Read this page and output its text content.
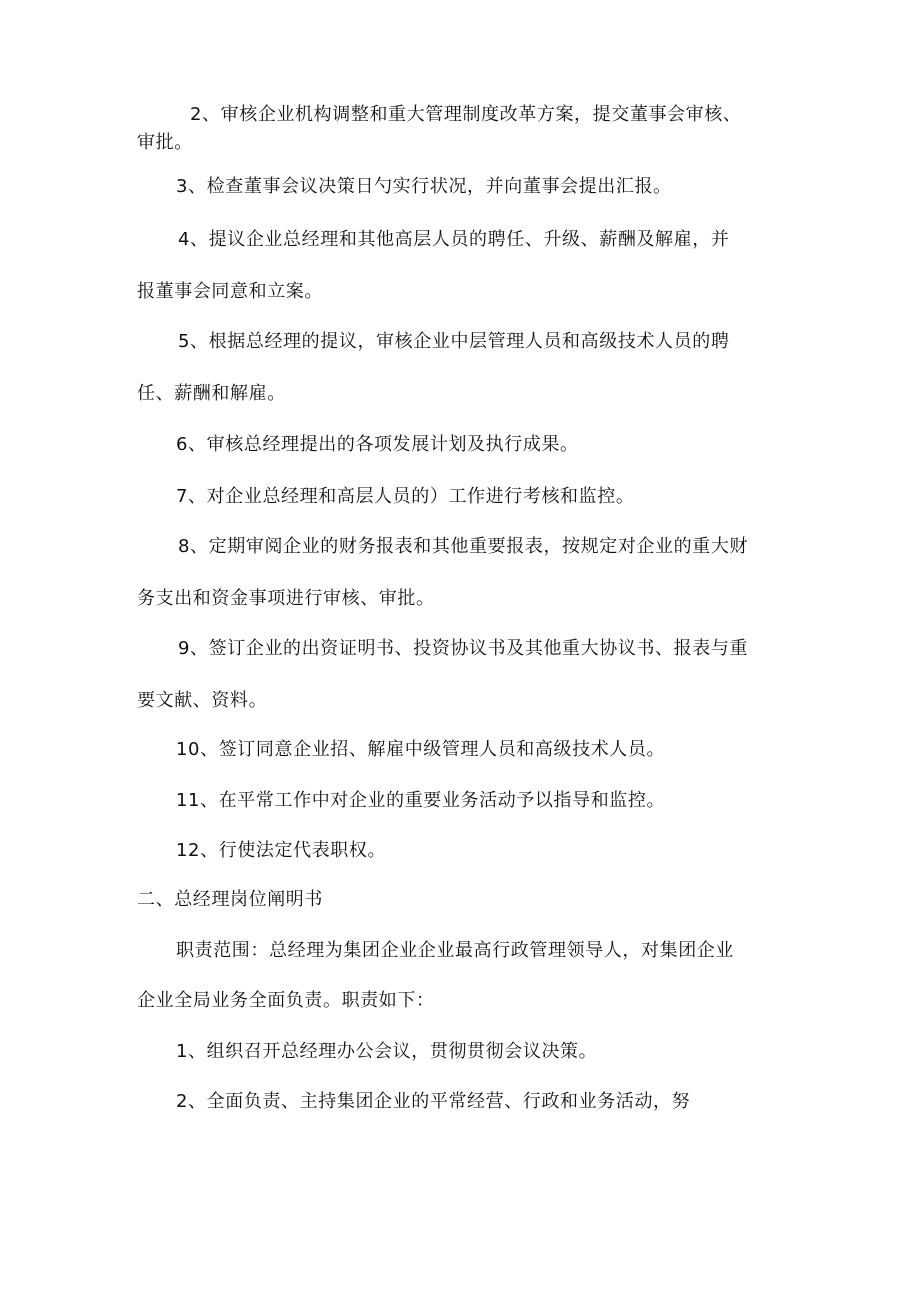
2、审核企业机构调整和重大管理制度改革方案，提交董事会审核、

审批。

3、检查董事会议决策日勺实行状况，并向董事会提出汇报。

4、提议企业总经理和其他高层人员的聘任、升级、薪酬及解雇，并

报董事会同意和立案。

5、根据总经理的提议，审核企业中层管理人员和高级技术人员的聘

任、薪酬和解雇。

6、审核总经理提出的各项发展计划及执行成果。

7、对企业总经理和高层人员的）工作进行考核和监控。

8、定期审阅企业的财务报表和其他重要报表，按规定对企业的重大财

务支出和资金事项进行审核、审批。

9、签订企业的出资证明书、投资协议书及其他重大协议书、报表与重

要文献、资料。

10、签订同意企业招、解雇中级管理人员和高级技术人员。

11、在平常工作中对企业的重要业务活动予以指导和监控。

12、行使法定代表职权。

二、总经理岗位阐明书

职责范围：总经理为集团企业企业最高行政管理领导人，对集团企业

企业全局业务全面负责。职责如下：

1、组织召开总经理办公会议，贯彻贯彻会议决策。

2、全面负责、主持集团企业的平常经营、行政和业务活动，努
